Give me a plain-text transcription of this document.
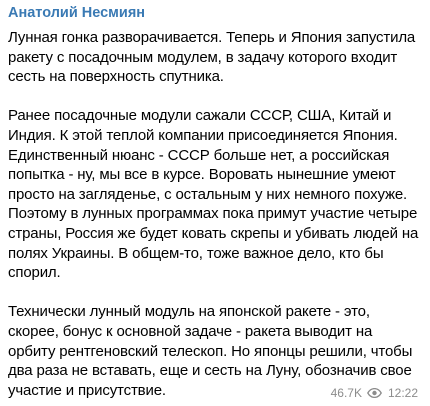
Анатолий Несмиян

Лунная гонка разворачивается. Теперь и Япония запустила ракету с посадочным модулем, в задачу которого входит сесть на поверхность спутника.

Ранее посадочные модули сажали СССР, США, Китай и Индия. К этой теплой компании присоединяется Япония. Единственный нюанс - СССР больше нет, а российская попытка - ну, мы все в курсе. Воровать нынешние умеют просто на загляденье, с остальным у них немного похуже. Поэтому в лунных программах пока примут участие четыре страны, Россия же будет ковать скрепы и убивать людей на полях Украины. В общем-то, тоже важное дело, кто бы спорил.

Технически лунный модуль на японской ракете - это, скорее, бонус к основной задаче - ракета выводит на орбиту рентгеновский телескоп. Но японцы решили, чтобы два раза не вставать, еще и сесть на Луну, обозначив свое участие и присутствие.	46.7K 12:22
